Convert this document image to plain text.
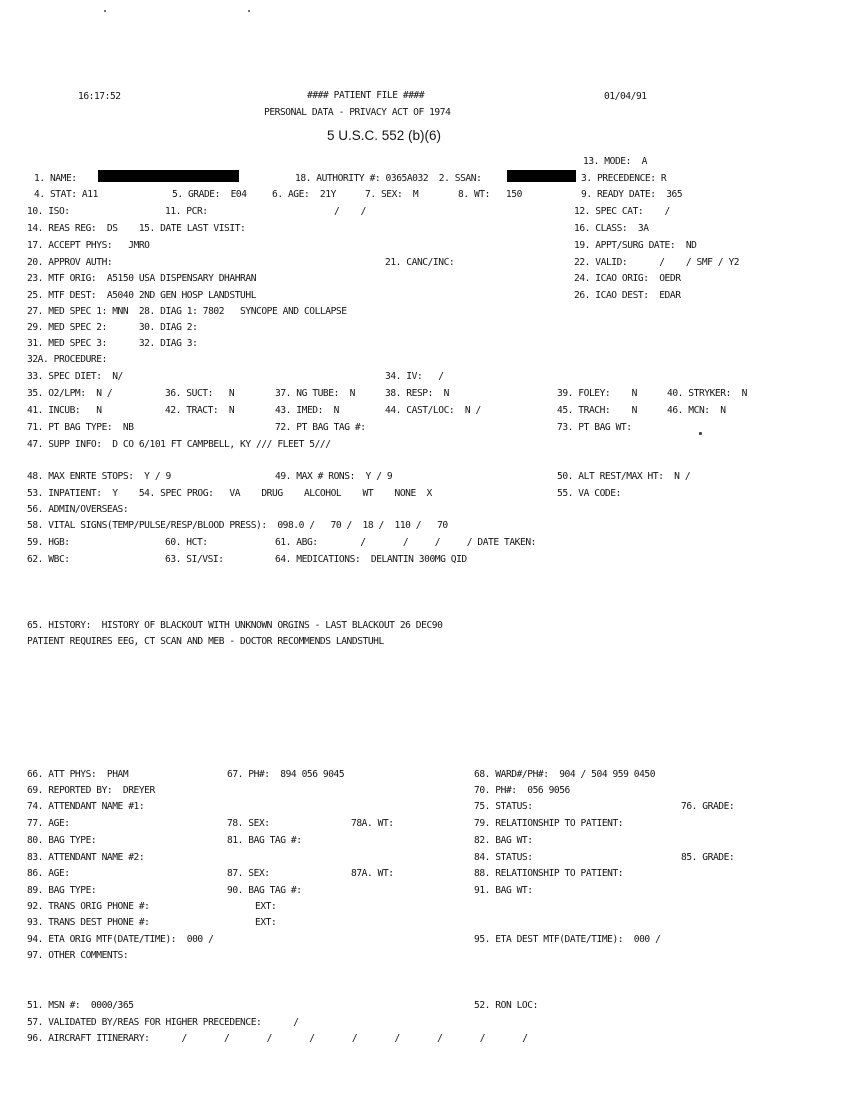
16:17:52	#### PATIENT FILE ####	01/04/91
PERSONAL DATA - PRIVACY ACT OF 1974
5 U.S.C. 552 (b)(6)
13. MODE:  A
1. NAME:	18. AUTHORITY #: 0365A032  2. SSAN:	3. PRECEDENCE: R
4. STAT: A11	5. GRADE:  E04	6. AGE:  21Y	7. SEX:  M	8. WT:   150	9. READY DATE:  365
10. ISO:	11. PCR:	/    /	12. SPEC CAT:    /
14. REAS REG:  DS    15. DATE LAST VISIT:	16. CLASS:  3A
17. ACCEPT PHYS:   JMRO	19. APPT/SURG DATE:  ND
20. APPROV AUTH:	21. CANC/INC:	22. VALID:      /    / SMF / Y2
23. MTF ORIG:  A5150 USA DISPENSARY DHAHRAN	24. ICAO ORIG:  OEDR
25. MTF DEST:  A5040 2ND GEN HOSP LANDSTUHL	26. ICAO DEST:  EDAR
27. MED SPEC 1: MNN  28. DIAG 1: 7802   SYNCOPE AND COLLAPSE
29. MED SPEC 2:      30. DIAG 2:
31. MED SPEC 3:      32. DIAG 3:
32A. PROCEDURE:
33. SPEC DIET:  N/	34. IV:   /
35. O2/LPM:  N /	36. SUCT:   N	37. NG TUBE:  N	38. RESP:  N	39. FOLEY:    N	40. STRYKER:  N
41. INCUB:   N	42. TRACT:  N	43. IMED:  N	44. CAST/LOC:  N /	45. TRACH:    N	46. MCN:  N
71. PT BAG TYPE:  NB	72. PT BAG TAG #:	73. PT BAG WT:
47. SUPP INFO:  D CO 6/101 FT CAMPBELL, KY /// FLEET 5///
48. MAX ENRTE STOPS:  Y / 9	49. MAX # RONS:  Y / 9	50. ALT REST/MAX HT:  N /
53. INPATIENT:  Y    54. SPEC PROG:   VA    DRUG    ALCOHOL    WT    NONE  X	55. VA CODE:
56. ADMIN/OVERSEAS:
58. VITAL SIGNS(TEMP/PULSE/RESP/BLOOD PRESS):  098.0 /   70 /  18 /  110 /   70
59. HGB:	60. HCT:	61. ABG:        /       /     /     / DATE TAKEN:
62. WBC:	63. SI/VSI:	64. MEDICATIONS:  DELANTIN 300MG QID
65. HISTORY:  HISTORY OF BLACKOUT WITH UNKNOWN ORGINS - LAST BLACKOUT 26 DEC90
PATIENT REQUIRES EEG, CT SCAN AND MEB - DOCTOR RECOMMENDS LANDSTUHL
66. ATT PHYS:  PHAM	67. PH#:  894 056 9045	68. WARD#/PH#:  904 / 504 959 0450
69. REPORTED BY:  DREYER	70. PH#:  056 9056
74. ATTENDANT NAME #1:	75. STATUS:	76. GRADE:
77. AGE:	78. SEX:	78A. WT:	79. RELATIONSHIP TO PATIENT:
80. BAG TYPE:	81. BAG TAG #:	82. BAG WT:
83. ATTENDANT NAME #2:	84. STATUS:	85. GRADE:
86. AGE:	87. SEX:	87A. WT:	88. RELATIONSHIP TO PATIENT:
89. BAG TYPE:	90. BAG TAG #:	91. BAG WT:
92. TRANS ORIG PHONE #:	EXT:
93. TRANS DEST PHONE #:	EXT:
94. ETA ORIG MTF(DATE/TIME):  000 /	95. ETA DEST MTF(DATE/TIME):  000 /
97. OTHER COMMENTS:
51. MSN #:  0000/365	52. RON LOC:
57. VALIDATED BY/REAS FOR HIGHER PRECEDENCE:      /
96. AIRCRAFT ITINERARY:      /       /       /       /       /       /       /       /       /
